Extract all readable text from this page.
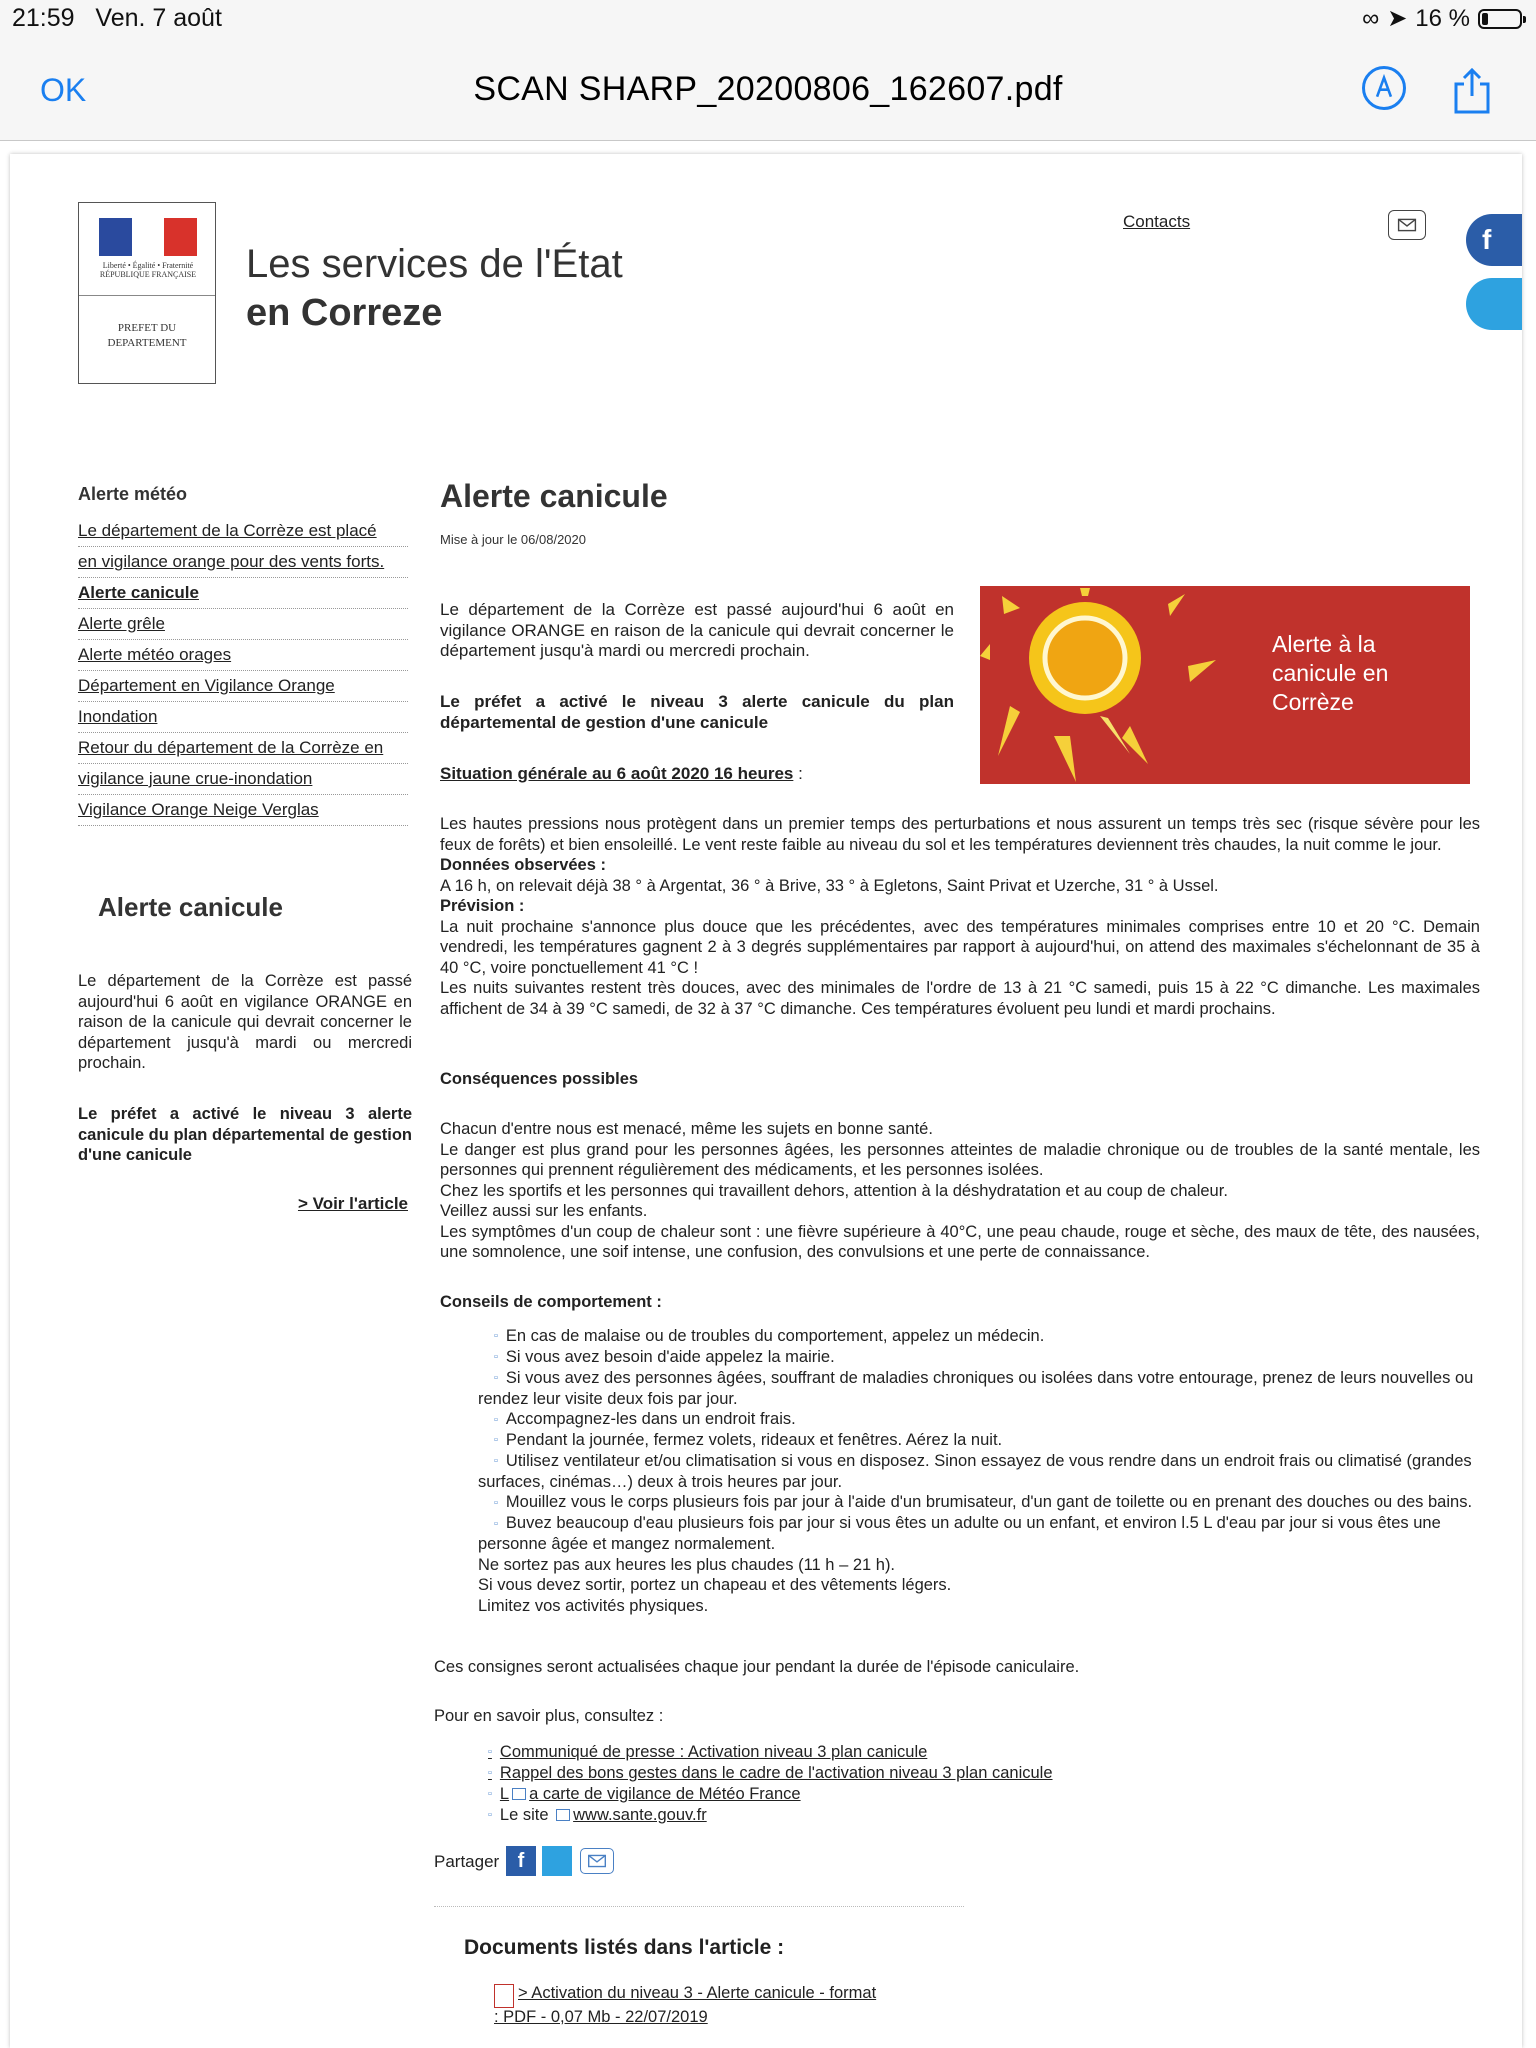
21:59 Ven. 7 août	∞ ➤ 16 %
OK	SCAN SHARP_20200806_162607.pdf
Liberté • Égalité • Fraternité RÉPUBLIQUE FRANÇAISE
PREFET DU DEPARTEMENT
Les services de l'État
en Correze
Contacts
f
Alerte météo
Le département de la Corrèze est placé
en vigilance orange pour des vents forts.
Alerte canicule
Alerte grêle
Alerte météo orages
Département en Vigilance Orange
Inondation
Retour du département de la Corrèze en
vigilance jaune crue-inondation
Vigilance Orange Neige Verglas
Alerte canicule
Le département de la Corrèze est passé aujourd'hui 6 août en vigilance ORANGE en raison de la canicule qui devrait concerner le département jusqu'à mardi ou mercredi prochain.
Le préfet a activé le niveau 3 alerte canicule du plan départemental de gestion d'une canicule
> Voir l'article
Alerte canicule
Mise à jour le 06/08/2020
Le département de la Corrèze est passé aujourd'hui 6 août en vigilance ORANGE en raison de la canicule qui devrait concerner le département jusqu'à mardi ou mercredi prochain.
Le préfet a activé le niveau 3 alerte canicule du plan départemental de gestion d'une canicule
Situation générale au 6 août 2020 16 heures :
Alerte à la canicule en Corrèze
Les hautes pressions nous protègent dans un premier temps des perturbations et nous assurent un temps très sec (risque sévère pour les feux de forêts) et bien ensoleillé. Le vent reste faible au niveau du sol et les températures deviennent très chaudes, la nuit comme le jour.
Données observées :
A 16 h, on relevait déjà 38 ° à Argentat, 36 ° à Brive, 33 ° à Egletons, Saint Privat et Uzerche, 31 ° à Ussel.
Prévision :
La nuit prochaine s'annonce plus douce que les précédentes, avec des températures minimales comprises entre 10 et 20 °C. Demain vendredi, les températures gagnent 2 à 3 degrés supplémentaires par rapport à aujourd'hui, on attend des maximales s'échelonnant de 35 à 40 °C, voire ponctuellement 41 °C !
Les nuits suivantes restent très douces, avec des minimales de l'ordre de 13 à 21 °C samedi, puis 15 à 22 °C dimanche. Les maximales affichent de 34 à 39 °C samedi, de 32 à 37 °C dimanche. Ces températures évoluent peu lundi et mardi prochains.
Conséquences possibles
Chacun d'entre nous est menacé, même les sujets en bonne santé.
Le danger est plus grand pour les personnes âgées, les personnes atteintes de maladie chronique ou de troubles de la santé mentale, les personnes qui prennent régulièrement des médicaments, et les personnes isolées.
Chez les sportifs et les personnes qui travaillent dehors, attention à la déshydratation et au coup de chaleur.
Veillez aussi sur les enfants.
Les symptômes d'un coup de chaleur sont : une fièvre supérieure à 40°C, une peau chaude, rouge et sèche, des maux de tête, des nausées, une somnolence, une soif intense, une confusion, des convulsions et une perte de connaissance.
Conseils de comportement :
▫ En cas de malaise ou de troubles du comportement, appelez un médecin.
▫ Si vous avez besoin d'aide appelez la mairie.
▫ Si vous avez des personnes âgées, souffrant de maladies chroniques ou isolées dans votre entourage, prenez de leurs nouvelles ou rendez leur visite deux fois par jour.
▫ Accompagnez-les dans un endroit frais.
▫ Pendant la journée, fermez volets, rideaux et fenêtres. Aérez la nuit.
▫ Utilisez ventilateur et/ou climatisation si vous en disposez. Sinon essayez de vous rendre dans un endroit frais ou climatisé (grandes surfaces, cinémas…) deux à trois heures par jour.
▫ Mouillez vous le corps plusieurs fois par jour à l'aide d'un brumisateur, d'un gant de toilette ou en prenant des douches ou des bains.
▫ Buvez beaucoup d'eau plusieurs fois par jour si vous êtes un adulte ou un enfant, et environ l.5 L d'eau par jour si vous êtes une personne âgée et mangez normalement.
Ne sortez pas aux heures les plus chaudes (11 h – 21 h).
Si vous devez sortir, portez un chapeau et des vêtements légers.
Limitez vos activités physiques.
Ces consignes seront actualisées chaque jour pendant la durée de l'épisode caniculaire.
Pour en savoir plus, consultez :
▫ Communiqué de presse : Activation niveau 3 plan canicule
▫ Rappel des bons gestes dans le cadre de l'activation niveau 3 plan canicule
▫ L a carte de vigilance de Météo France
▫ Le site www.sante.gouv.fr
Partager f
Documents listés dans l'article :
> Activation du niveau 3 - Alerte canicule - format
: PDF - 0,07 Mb - 22/07/2019
